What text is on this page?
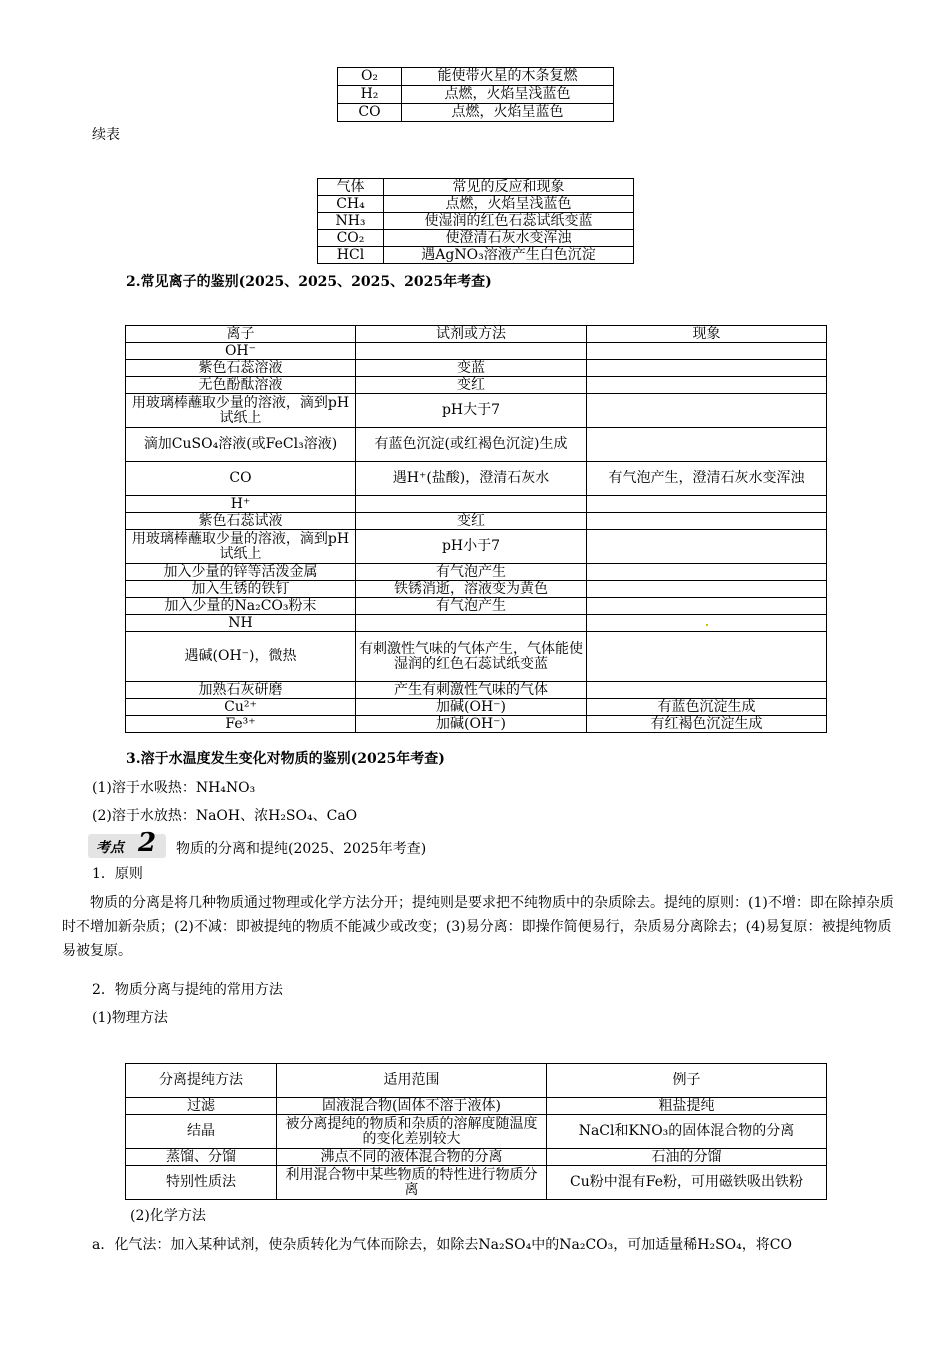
O₂	能使带火星的木条复燃
H₂	点燃，火焰呈浅蓝色
CO	点燃，火焰呈蓝色
续表
气体	常见的反应和现象
CH₄	点燃，火焰呈浅蓝色
NH₃	使湿润的红色石蕊试纸变蓝
CO₂	使澄清石灰水变浑浊
HCl	遇AgNO₃溶液产生白色沉淀
2.常见离子的鉴别(2025、2025、2025、2025年考查)
离子	试剂或方法	现象
OH⁻		
紫色石蕊溶液	变蓝	
无色酚酞溶液	变红	
用玻璃棒蘸取少量的溶液，滴到pH试纸上	pH大于7	
滴加CuSO₄溶液(或FeCl₃溶液)	有蓝色沉淀(或红褐色沉淀)生成	
CO	遇H⁺(盐酸)，澄清石灰水	有气泡产生，澄清石灰水变浑浊
H⁺		
紫色石蕊试液	变红	
用玻璃棒蘸取少量的溶液，滴到pH试纸上	pH小于7	
加入少量的锌等活泼金属	有气泡产生	
加入生锈的铁钉	铁锈消逝，溶液变为黄色	
加入少量的Na₂CO₃粉末	有气泡产生	
NH		
遇碱(OH⁻)，微热	有刺激性气味的气体产生，气体能使湿润的红色石蕊试纸变蓝	
加熟石灰研磨	产生有刺激性气味的气体	
Cu²⁺	加碱(OH⁻)	有蓝色沉淀生成
Fe³⁺	加碱(OH⁻)	有红褐色沉淀生成
3.溶于水温度发生变化对物质的鉴别(2025年考查)
(1)溶于水吸热：NH₄NO₃
(2)溶于水放热：NaOH、浓H₂SO₄、CaO
考点 2 物质的分离和提纯(2025、2025年考查)
1．原则
物质的分离是将几种物质通过物理或化学方法分开；提纯则是要求把不纯物质中的杂质除去。提纯的原则：(1)不增：即在除掉杂质时不增加新杂质；(2)不减：即被提纯的物质不能减少或改变；(3)易分离：即操作简便易行，杂质易分离除去；(4)易复原：被提纯物质易被复原。
2．物质分离与提纯的常用方法
(1)物理方法
分离提纯方法	适用范围	例子
过滤	固液混合物(固体不溶于液体)	粗盐提纯
结晶	被分离提纯的物质和杂质的溶解度随温度的变化差别较大	NaCl和KNO₃的固体混合物的分离
蒸馏、分馏	沸点不同的液体混合物的分离	石油的分馏
特别性质法	利用混合物中某些物质的特性进行物质分离	Cu粉中混有Fe粉，可用磁铁吸出铁粉
(2)化学方法
a．化气法：加入某种试剂，使杂质转化为气体而除去，如除去Na₂SO₄中的Na₂CO₃，可加适量稀H₂SO₄，将CO
